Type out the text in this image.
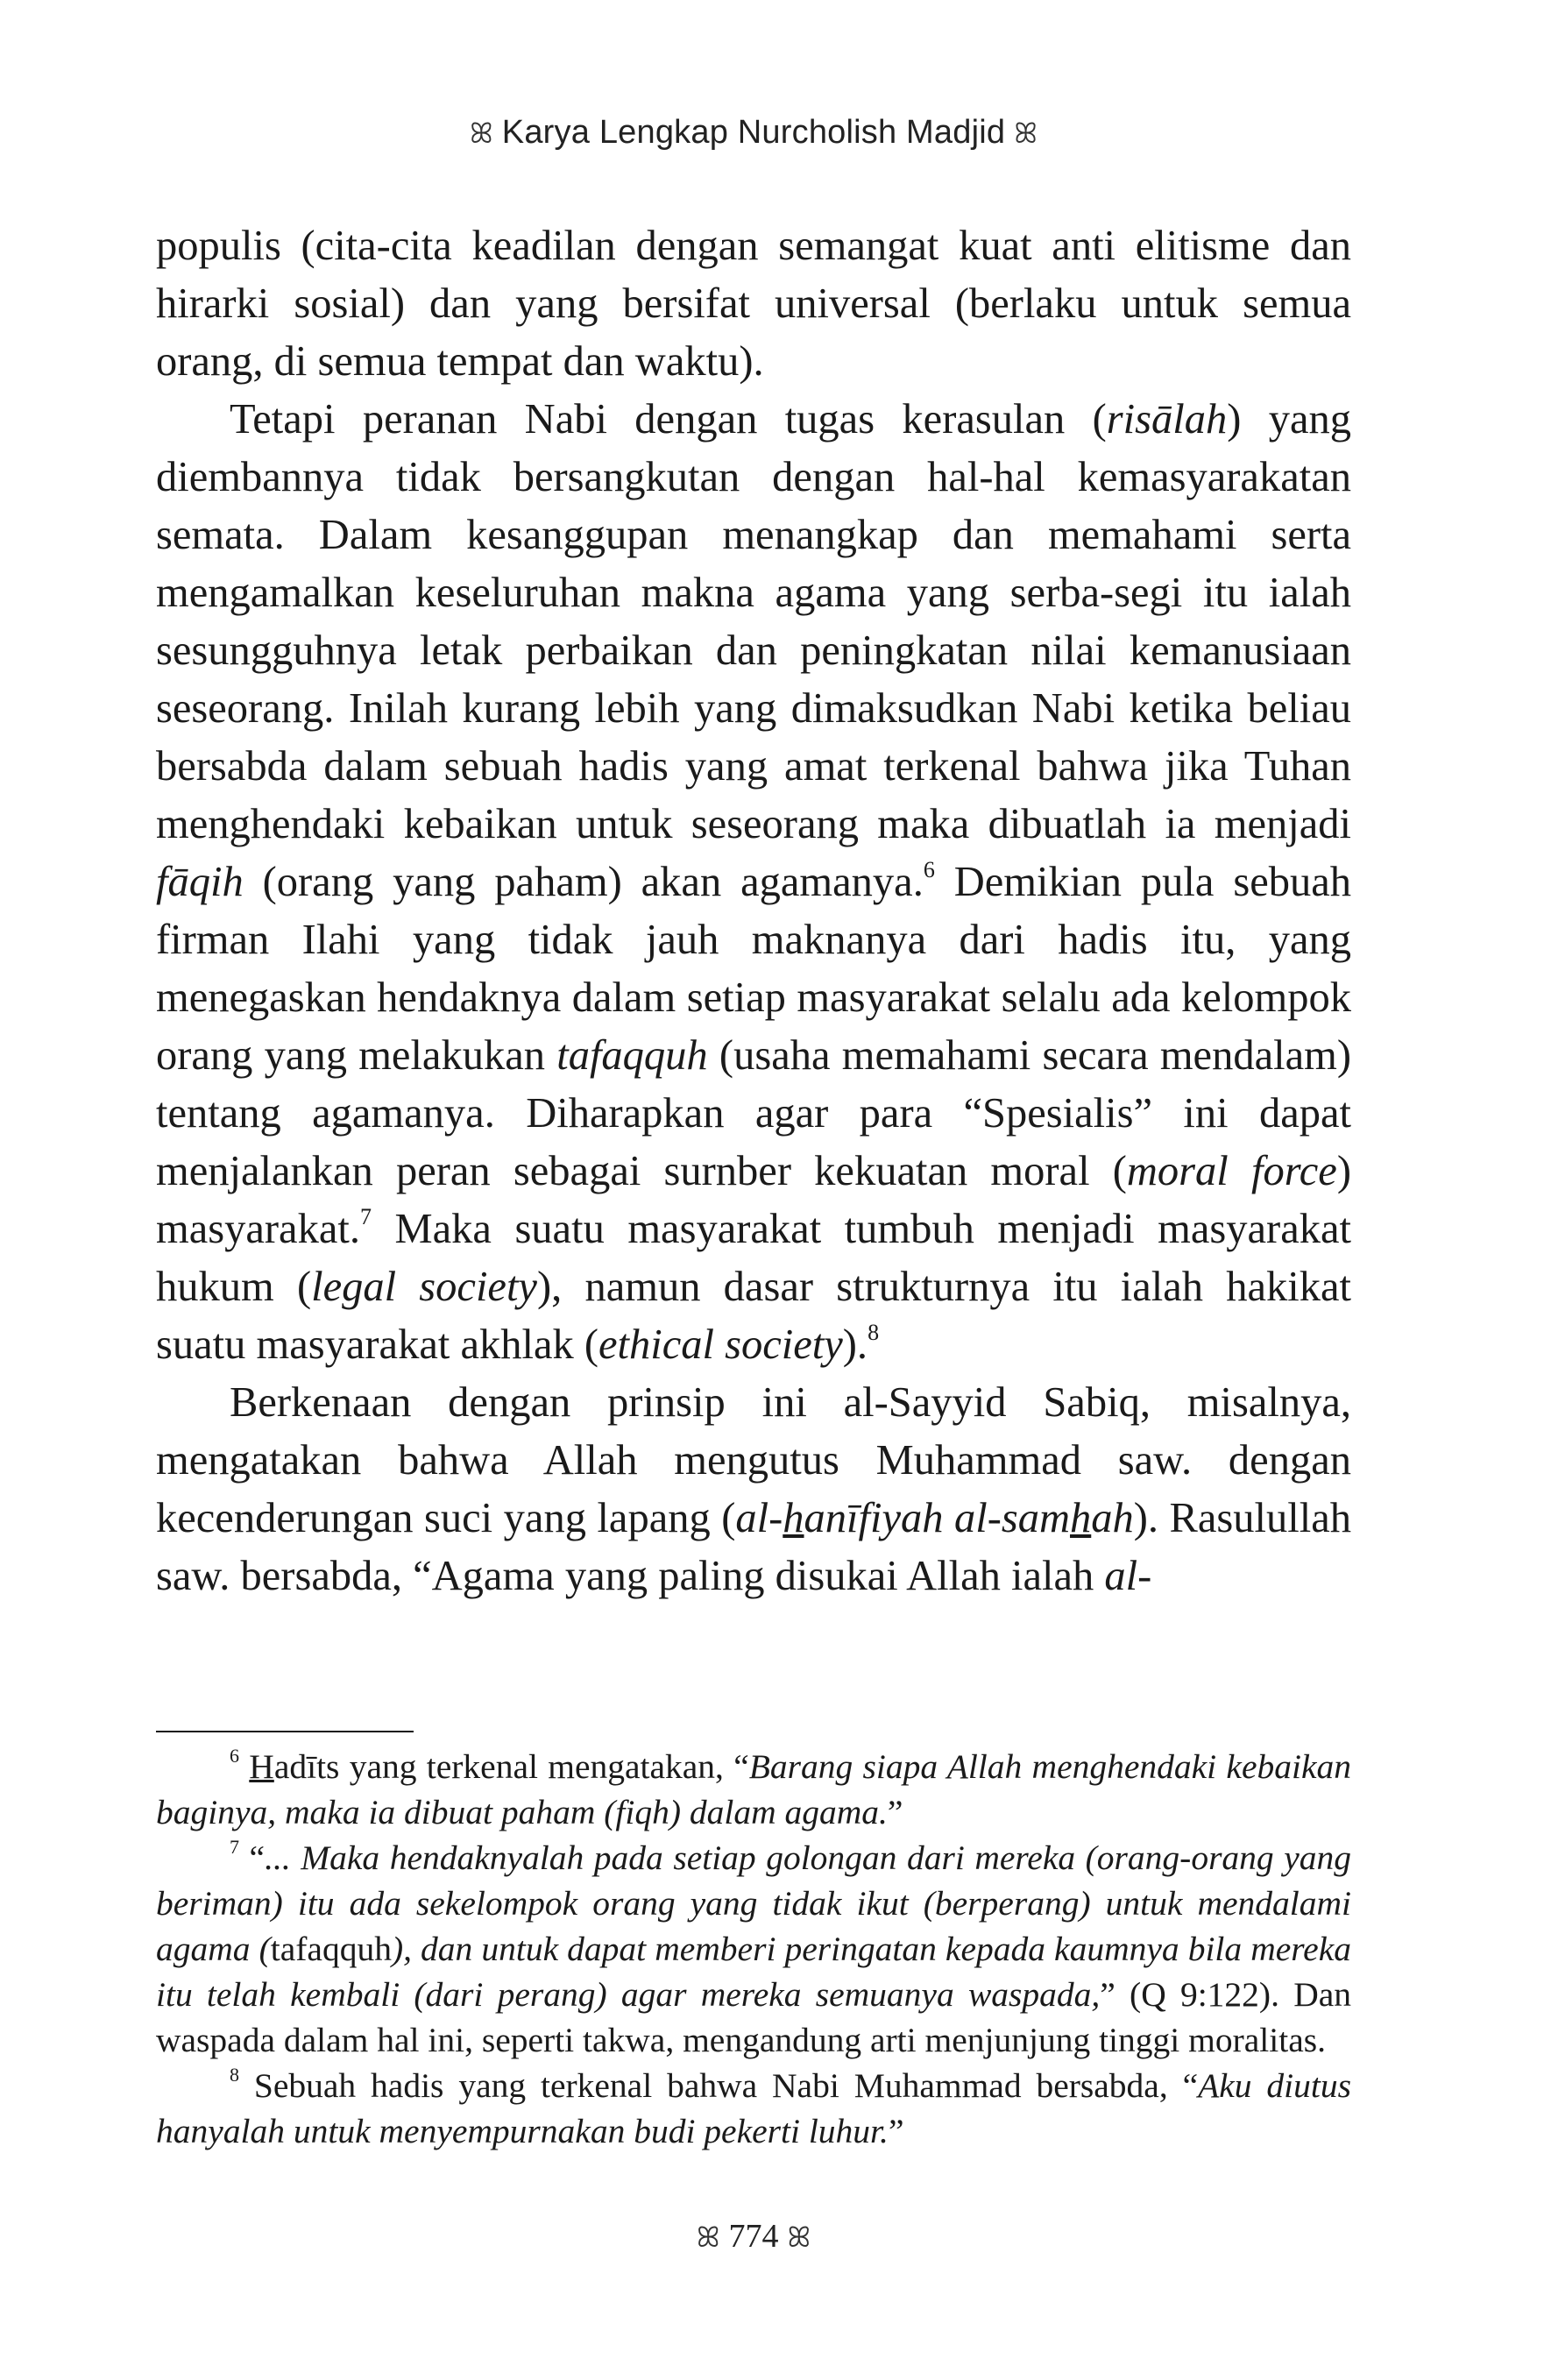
ꕤ Karya Lengkap Nurcholish Madjid ꕤ

populis (cita-cita keadilan dengan semangat kuat anti elitisme dan hirarki sosial) dan yang bersifat universal (berlaku untuk semua orang, di semua tempat dan waktu).

Tetapi peranan Nabi dengan tugas kerasulan (risālah) yang diembannya tidak bersangkutan dengan hal-hal kemasyarakatan semata. Dalam kesanggupan menangkap dan memahami serta mengamalkan keseluruhan makna agama yang serba-segi itu ialah sesungguhnya letak perbaikan dan peningkatan nilai kemanusiaan seseorang. Inilah kurang lebih yang dimaksudkan Nabi ketika beliau bersabda dalam sebuah hadis yang amat terkenal bahwa jika Tuhan menghendaki kebaikan untuk seseorang maka dibuatlah ia menjadi fāqih (orang yang paham) akan agamanya.$^6$ Demikian pula sebuah firman Ilahi yang tidak jauh maknanya dari hadis itu, yang menegaskan hendaknya dalam setiap masyarakat selalu ada kelompok orang yang melakukan tafaqquh (usaha memahami secara mendalam) tentang agamanya. Diharapkan agar para “Spesialis” ini dapat menjalankan peran sebagai surnber kekuatan moral (moral force) masyarakat.$^7$ Maka suatu masyarakat tumbuh menjadi masyarakat hukum (legal society), namun dasar strukturnya itu ialah hakikat suatu masyarakat akhlak (ethical society).$^8$

Berkenaan dengan prinsip ini al-Sayyid Sabiq, misalnya, mengatakan bahwa Allah mengutus Muhammad saw. dengan kecenderungan suci yang lapang (al-hanīfiyah al-samhah). Rasulullah saw. bersabda, “Agama yang paling disukai Allah ialah al-

$^6$ Hadīts yang terkenal mengatakan, “Barang siapa Allah menghendaki kebaikan baginya, maka ia dibuat paham (fiqh) dalam agama.”

$^7$ “... Maka hendaknyalah pada setiap golongan dari mereka (orang-orang yang beriman) itu ada sekelompok orang yang tidak ikut (berperang) untuk mendalami agama (tafaqquh), dan untuk dapat memberi peringatan kepada kaumnya bila mereka itu telah kembali (dari perang) agar mereka semuanya waspada,” (Q 9:122). Dan waspada dalam hal ini, seperti takwa, mengandung arti menjunjung tinggi moralitas.

$^8$ Sebuah hadis yang terkenal bahwa Nabi Muhammad bersabda, “Aku diutus hanyalah untuk menyempurnakan budi pekerti luhur.”

ꕤ 774 ꕤ
